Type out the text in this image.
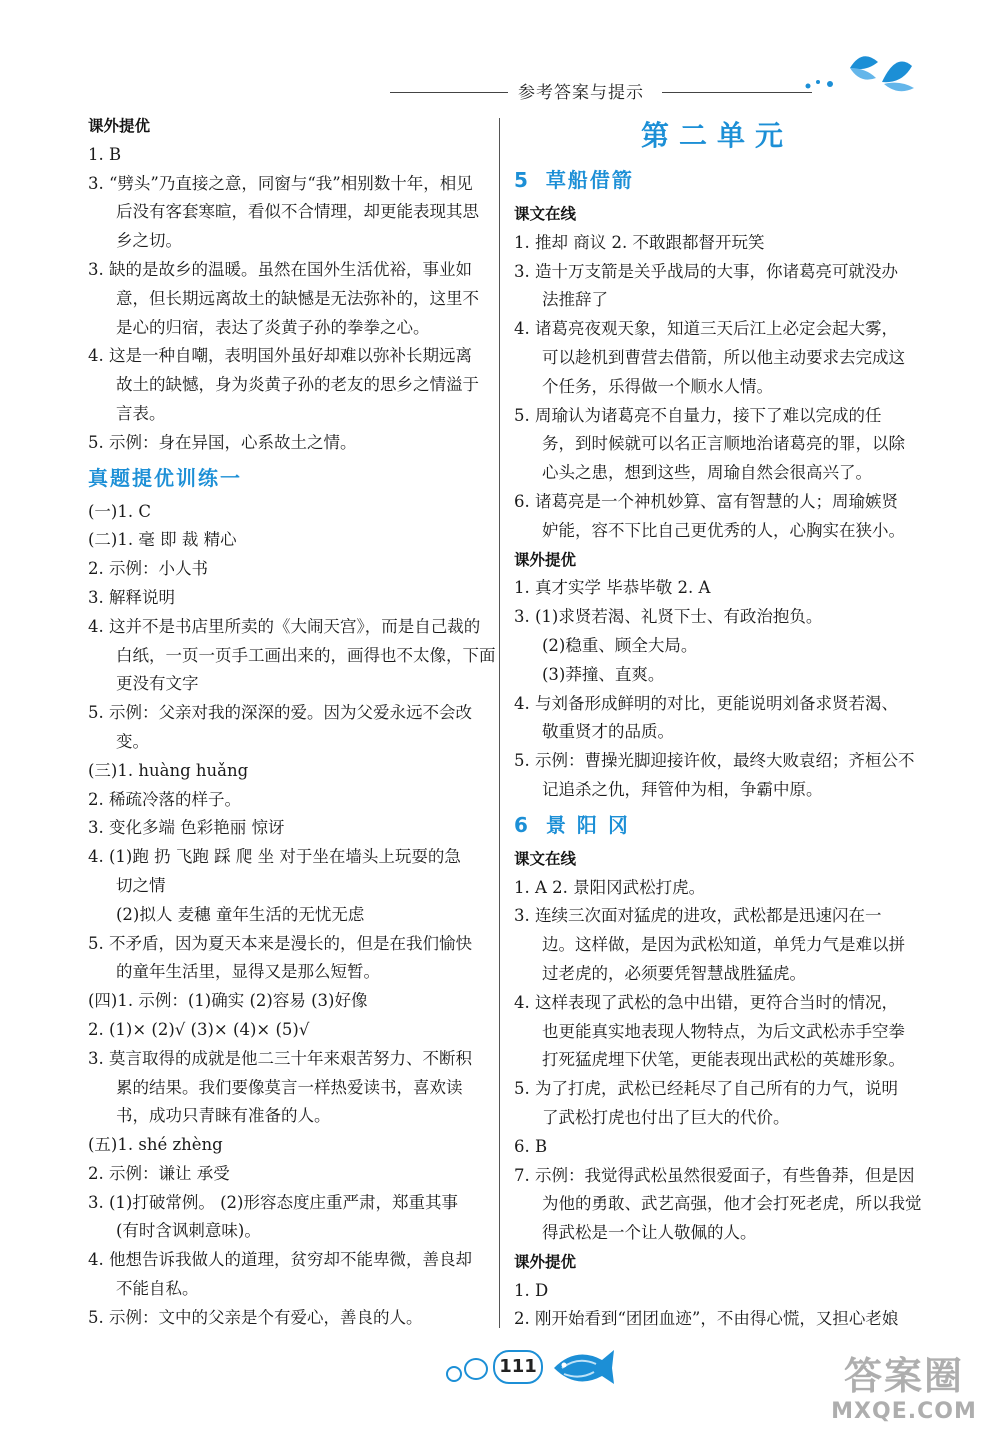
参考答案与提示
课外提优
1. B
3. “劈头”乃直接之意，同窗与“我”相别数十年，相见
后没有客套寒暄，看似不合情理，却更能表现其思
乡之切。
3. 缺的是故乡的温暖。虽然在国外生活优裕，事业如
意，但长期远离故土的缺憾是无法弥补的，这里不
是心的归宿，表达了炎黄子孙的拳拳之心。
4. 这是一种自嘲，表明国外虽好却难以弥补长期远离
故土的缺憾，身为炎黄子孙的老友的思乡之情溢于
言表。
5. 示例：身在异国，心系故土之情。
真题提优训练一
(一)1. C
(二)1. 毫 即 裁 精心
2. 示例：小人书
3. 解释说明
4. 这并不是书店里所卖的《大闹天宫》，而是自己裁的
白纸，一页一页手工画出来的，画得也不太像，下面
更没有文字
5. 示例：父亲对我的深深的爱。因为父爱永远不会改
变。
(三)1. huàng huǎng
2. 稀疏冷落的样子。
3. 变化多端 色彩艳丽 惊讶
4. (1)跑 扔 飞跑 踩 爬 坐 对于坐在墙头上玩耍的急
切之情
(2)拟人 麦穗 童年生活的无忧无虑
5. 不矛盾，因为夏天本来是漫长的，但是在我们愉快
的童年生活里，显得又是那么短暂。
(四)1. 示例：(1)确实 (2)容易 (3)好像
2. (1)× (2)√ (3)× (4)× (5)√
3. 莫言取得的成就是他二三十年来艰苦努力、不断积
累的结果。我们要像莫言一样热爱读书，喜欢读
书，成功只青睐有准备的人。
(五)1. shé zhèng
2. 示例：谦让 承受
3. (1)打破常例。 (2)形容态度庄重严肃，郑重其事
(有时含讽刺意味)。
4. 他想告诉我做人的道理，贫穷却不能卑微，善良却
不能自私。
5. 示例：文中的父亲是个有爱心，善良的人。
第二单元
5 草船借箭
课文在线
1. 推却 商议 2. 不敢跟都督开玩笑
3. 造十万支箭是关乎战局的大事，你诸葛亮可就没办
法推辞了
4. 诸葛亮夜观天象，知道三天后江上必定会起大雾，
可以趁机到曹营去借箭，所以他主动要求去完成这
个任务，乐得做一个顺水人情。
5. 周瑜认为诸葛亮不自量力，接下了难以完成的任
务，到时候就可以名正言顺地治诸葛亮的罪，以除
心头之患，想到这些，周瑜自然会很高兴了。
6. 诸葛亮是一个神机妙算、富有智慧的人；周瑜嫉贤
妒能，容不下比自己更优秀的人，心胸实在狭小。
课外提优
1. 真才实学 毕恭毕敬 2. A
3. (1)求贤若渴、礼贤下士、有政治抱负。
(2)稳重、顾全大局。
(3)莽撞、直爽。
4. 与刘备形成鲜明的对比，更能说明刘备求贤若渴、
敬重贤才的品质。
5. 示例：曹操光脚迎接许攸，最终大败袁绍；齐桓公不
记追杀之仇，拜管仲为相，争霸中原。
6 景 阳 冈
课文在线
1. A 2. 景阳冈武松打虎。
3. 连续三次面对猛虎的进攻，武松都是迅速闪在一
边。这样做，是因为武松知道，单凭力气是难以拼
过老虎的，必须要凭智慧战胜猛虎。
4. 这样表现了武松的急中出错，更符合当时的情况，
也更能真实地表现人物特点，为后文武松赤手空拳
打死猛虎埋下伏笔，更能表现出武松的英雄形象。
5. 为了打虎，武松已经耗尽了自己所有的力气，说明
了武松打虎也付出了巨大的代价。
6. B
7. 示例：我觉得武松虽然很爱面子，有些鲁莽，但是因
为他的勇敢、武艺高强，他才会打死老虎，所以我觉
得武松是一个让人敬佩的人。
课外提优
1. D
2. 刚开始看到“团团血迹”，不由得心慌，又担心老娘
111	答案圈
MXQE.COM
